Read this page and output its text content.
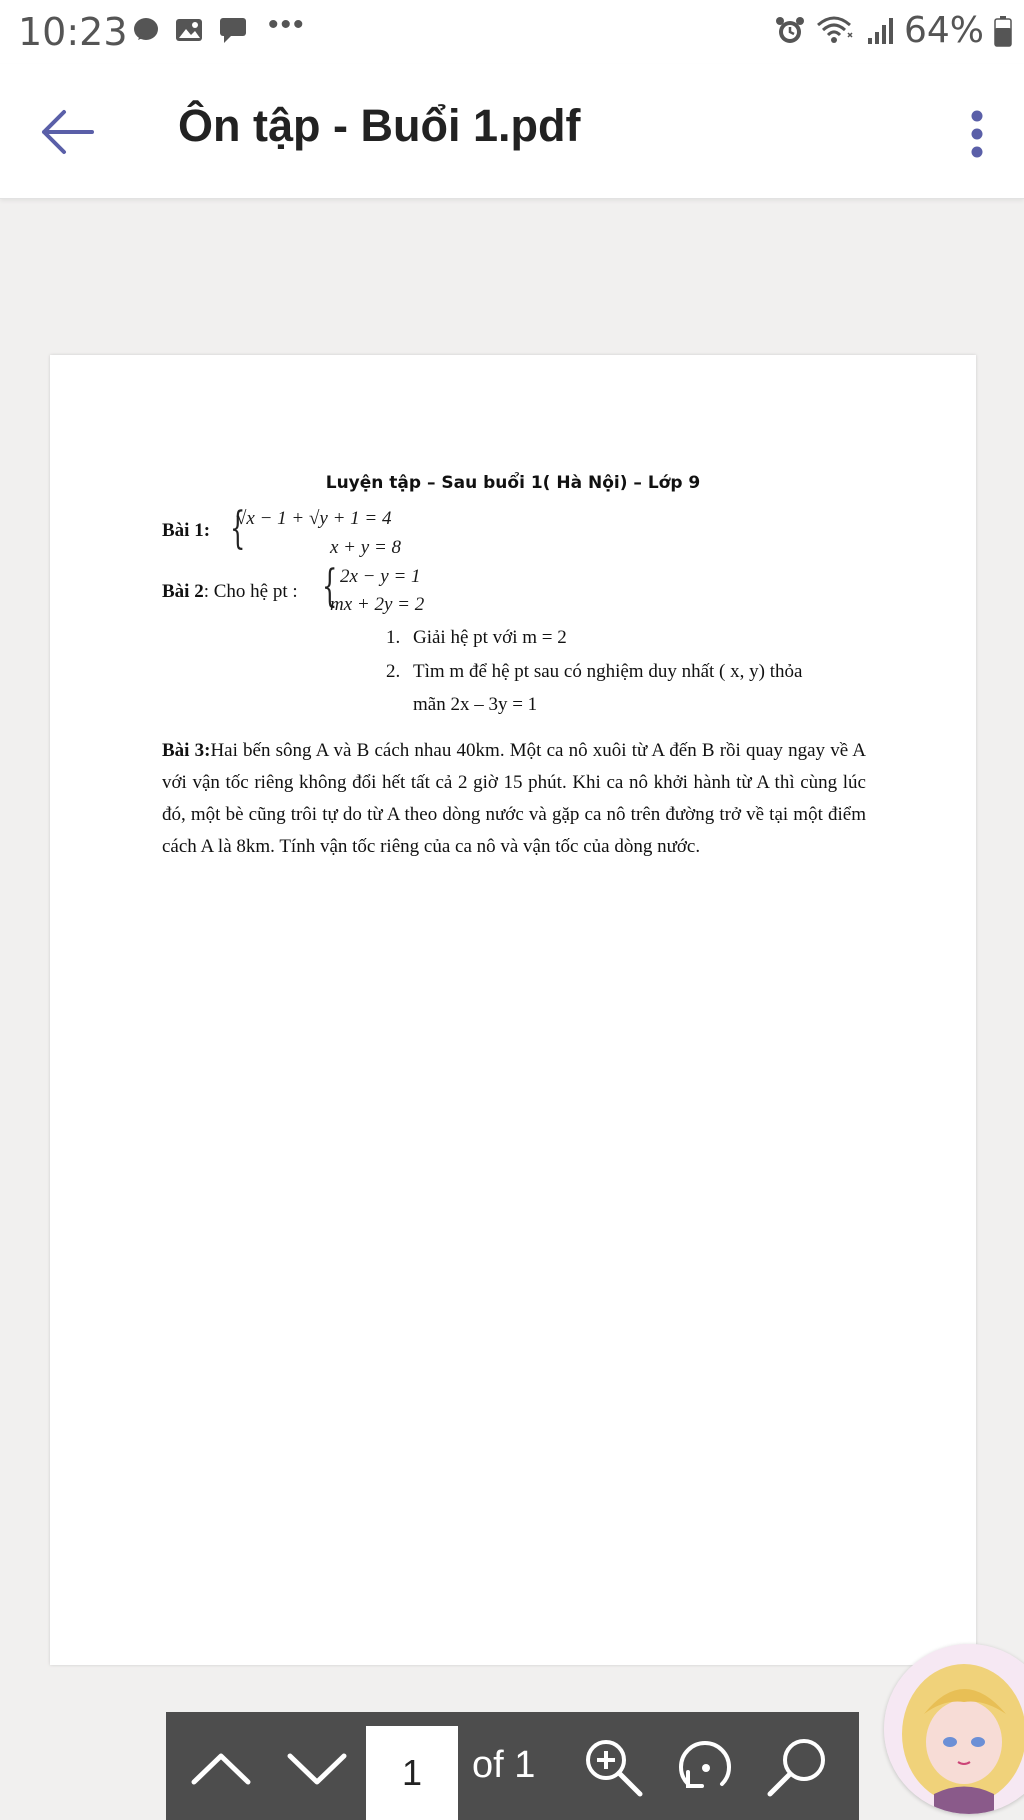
10:23	•••	64%
Ôn tập - Buổi 1.pdf
Luyện tập – Sau buổi 1( Hà Nội) – Lớp 9
Bài 1: {
√x − 1 + √y + 1 = 4
x + y = 8
Bài 2: Cho hệ pt : { 2x − y = 1
mx + 2y = 2
1. Giải hệ pt với m = 2
2. Tìm m để hệ pt sau có nghiệm duy nhất ( x, y) thỏa
mãn 2x – 3y = 1
Bài 3:Hai bến sông A và B cách nhau 40km. Một ca nô xuôi từ A đến B rồi quay ngay về A với vận tốc riêng không đổi hết tất cả 2 giờ 15 phút. Khi ca nô khởi hành từ A thì cùng lúc đó, một bè cũng trôi tự do từ A theo dòng nước và gặp ca nô trên đường trở về tại một điểm cách A là 8km. Tính vận tốc riêng của ca nô và vận tốc của dòng nước.
1
of 1
